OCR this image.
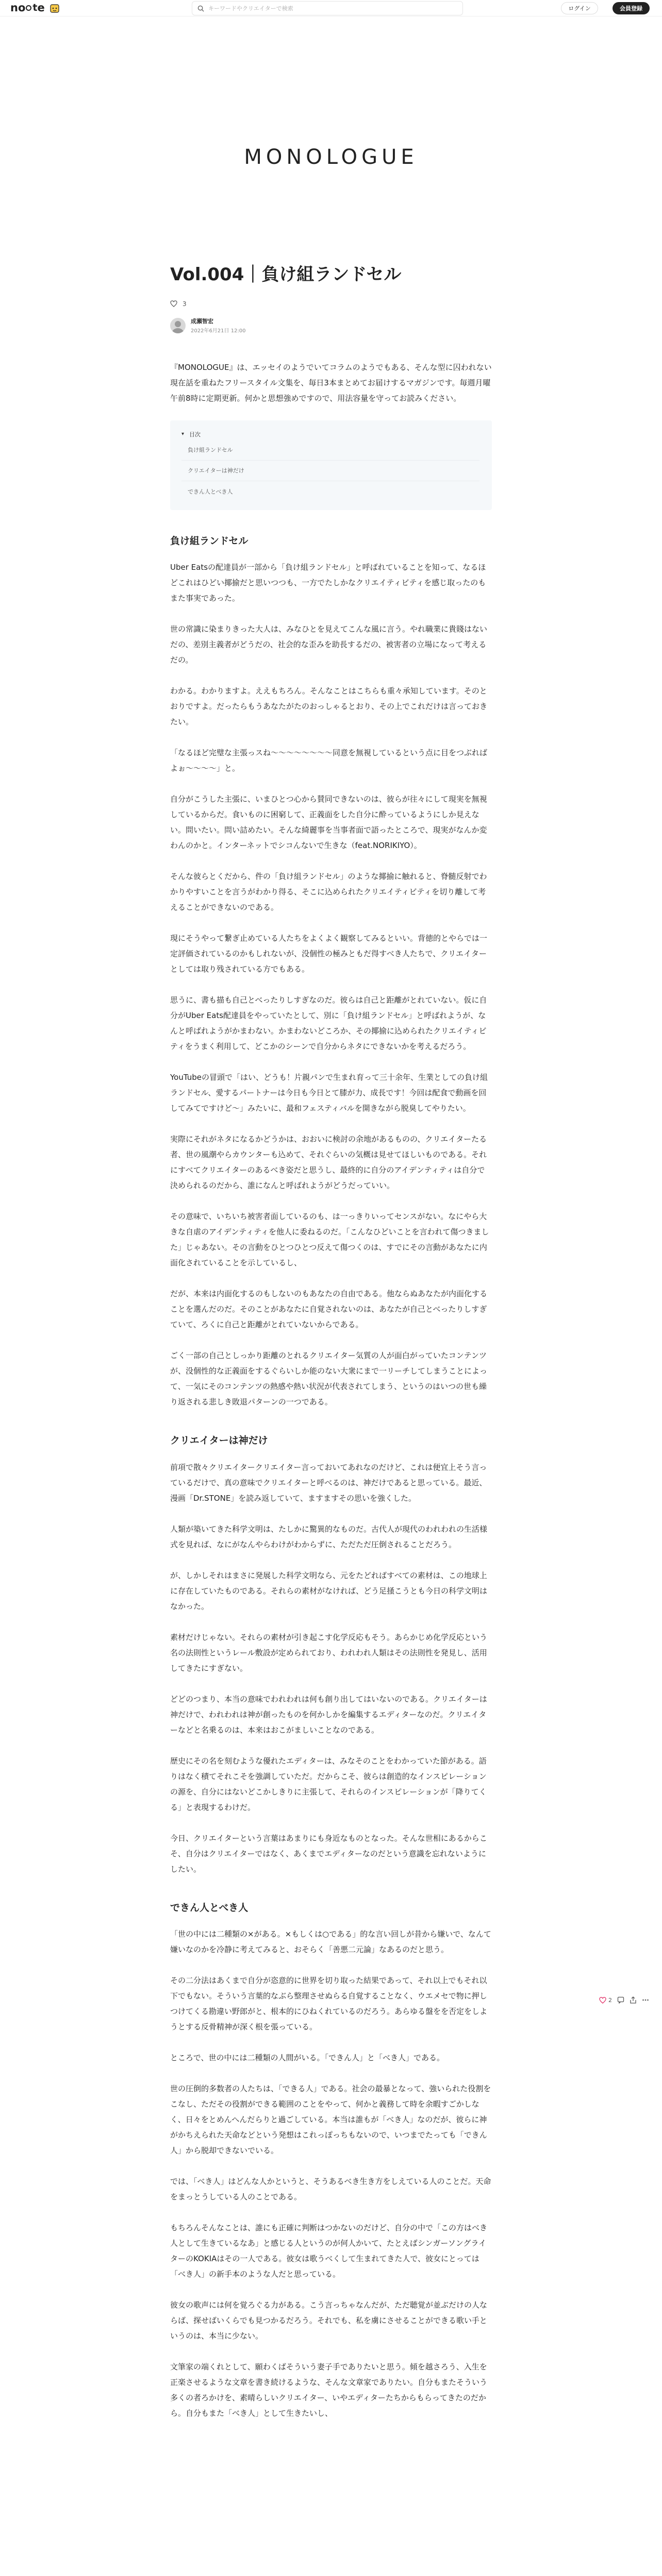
no t e
キーワードやクリエイターで検索	ログイン	会員登録
MONOLOGUE
Vol.004｜負け組ランドセル
3
成瀬智宏
2022年6月21日 12:00

『MONOLOGUE』は、エッセイのようでいてコラムのようでもある、そんな型に囚われない現在話を重ねたフリースタイル文集を、毎日3本まとめてお届けするマガジンです。毎週月曜午前8時に定期更新。何かと思想強めですので、用法容量を守ってお読みください。

▾ 目次
負け組ランドセル
クリエイターは神だけ
できん人とべき人
負け組ランドセル

Uber Eatsの配達員が一部から「負け組ランドセル」と呼ばれていることを知って、なるほどこれはひどい揶揄だと思いつつも、一方でたしかなクリエイティビティを感じ取ったのもまた事実であった。

世の常識に染まりきった大人は、みなひとを見えてこんな風に言う。やれ職業に貴賤はないだの、差別主義者がどうだの、社会的な歪みを助長するだの、被害者の立場になって考えるだの。

わかる。わかりますよ。ええもちろん。そんなことはこちらも重々承知しています。そのとおりですよ。だったらもうあなたがたのおっしゃるとおり、その上でこれだけは言っておきたい。

「なるほど完璧な主張っスね〜〜〜〜〜〜〜〜同意を無視しているという点に目をつぶればよぉ〜〜〜〜」と。

自分がこうした主張に、いまひとつ心から賛同できないのは、彼らが往々にして現実を無視しているからだ。食いものに困窮して、正義面をした自分に酔っているようにしか見えない。問いたい。問い詰めたい。そんな綺麗事を当事者面で語ったところで、現実がなんか変わんのかと。インターネットでシコんないで生きな（feat.NORIKIYO）。

そんな彼らとくだから、件の「負け組ランドセル」のような揶揄に触れると、脊髄反射でわかりやすいことを言うがわかり得る、そこに込められたクリエイティビティを切り離して考えることができないのである。

現にそうやって繋ぎ止めている人たちをよくよく観察してみるといい。背徳的とやらでは一定評価されているのかもしれないが、没個性の極みともだ得すべき人たちで、クリエイターとしては取り残されている方でもある。

思うに、書も描も自己とべったりしすぎなのだ。彼らは自己と距離がとれていない。仮に自分がUber Eats配達員をやっていたとして、別に「負け組ランドセル」と呼ばれようが、なんと呼ばれようがかまわない。かまわないどころか、その揶揄に込められたクリエイティビティをうまく利用して、どこかのシーンで自分からネタにできないかを考えるだろう。

YouTubeの冒頭で「はい、どうも！片親パンで生まれ育って三十余年、生業としての負け組ランドセル、愛するパートナーは今日も今日とて膝が力、成長です！今回は配食で動画を回してみてですけど〜」みたいに、最和フェスティバルを開きながら脱臭してやりたい。

実際にそれがネタになるかどうかは、おおいに検討の余地があるものの、クリエイターたる者、世の風潮やらカウンターも込めて、それぐらいの気概は見せてほしいものである。それにすべてクリエイターのあるべき姿だと思うし、最終的に自分のアイデンティティは自分で決められるのだから、誰になんと呼ばれようがどうだっていい。

その意味で、いちいち被害者面しているのも、は一っきりいってセンスがない。なにやら大きな自虐のアイデンティティを他人に委ねるのだ。「こんなひどいことを言われて傷つきました」じゃあない。その言動をひとつひとつ反えて傷つくのは、すでにその言動があなたに内面化されていることを示しているし、

だが、本来は内面化するのもしないのもあなたの自由である。他ならぬあなたが内面化することを選んだのだ。そのことがあなたに自覚されないのは、あなたが自己とべったりしすぎていて、ろくに自己と距離がとれていないからである。

ごく一部の自己としっかり距離のとれるクリエイター気質の人が面白がっていたコンテンツが、没個性的な正義面をするぐらいしか能のない大衆にまで一リーチしてしまうことによって、一気にそのコンテンツの熱感や熱い状況が代表されてしまう、というのはいつの世も繰り返される悲しき敗退パターンの一つである。

クリエイターは神だけ

前項で散々クリエイタークリエイター言っておいてあれなのだけど、これは便宜上そう言っているだけで、真の意味でクリエイターと呼べるのは、神だけであると思っている。最近、漫画「Dr.STONE」を読み返していて、ますますその思いを強くした。

人類が築いてきた科学文明は、たしかに驚異的なものだ。古代人が現代のわれわれの生活様式を見れば、なにがなんやらわけがわからずに、ただただ圧倒されることだろう。

が、しかしそれはまさに発展した科学文明なら、元をたどればすべての素材は、この地球上に存在していたものである。それらの素材がなければ、どう足掻こうとも今日の科学文明はなかった。

素材だけじゃない。それらの素材が引き起こす化学反応もそう。あらかじめ化学反応という名の法則性というレール敷設が定められており、われわれ人類はその法則性を発見し、活用してきたにすぎない。

どどのつまり、本当の意味でわれわれは何も創り出してはいないのである。クリエイターは神だけで、われわれは神が創ったものを何かしかを編集するエディターなのだ。クリエイターなどと名乗るのは、本来はおこがましいことなのである。

歴史にその名を刻むような優れたエディターは、みなそのことをわかっていた節がある。語りはなく積てそれこそを強調していただ。だからこそ、彼らは創造的なインスピレーションの源を、自分にはないどこかしきりに主張して、それらのインスピレーションが「降りてくる」と表現するわけだ。

今日、クリエイターという言葉はあまりにも身近なものとなった。そんな世相にあるからこそ、自分はクリエイターではなく、あくまでエディターなのだという意識を忘れないようにしたい。

できん人とべき人

「世の中には二種類の×がある。×もしくは○である」的な言い回しが昔から嫌いで、なんて嫌いなのかを冷静に考えてみると、おそらく「善悪二元論」なあるのだと思う。

その二分法はあくまで自分が恣意的に世界を切り取った結果であって、それ以上でもそれ以下でもない。そういう言葉的なぶら整理させぬらる自覚することなく、ウエメセで物に押しつけてくる勘違い野郎がと、根本的にひねくれているのだろう。あらゆる盤をを否定をしようとする反骨精神が深く根を張っている。

ところで、世の中には二種類の人間がいる。「できん人」と「べき人」である。

世の圧倒的多数者の人たちは、「できる人」である。社会の最暴となって、強いられた役割をこなし、ただその役割ができる範囲のことをやって、何かと義務して時を余暇すごかしなく、日々をとめんへんだらりと過ごしている。本当は誰もが「べき人」なのだが、彼らに神がかちえられた天命などという発想はこれっぽっちもないので、いつまでたっても「できん人」から脱却できないでいる。

では、「べき人」はどんな人かというと、そうあるべき生き方をしえている人のことだ。天命をまっとうしている人のことである。

もちろんそんなことは、誰にも正確に判断はつかないのだけど、自分の中で「この方はべき人として生きているなあ」と感じる人というのが何人かいて、たとえばシンガーソングライターのKOKIAはその一人である。彼女は歌うべくして生まれてきた人で、彼女にとっては「べき人」の新手本のような人だと思っている。

彼女の歌声には何を覚ろぐる力がある。こう言っちゃなんだが、ただ聴覚が並ぶだけの人ならば、探せばいくらでも見つかるだろう。それでも、私を虜にさせることができる歌い手というのは、本当に少ない。

文筆家の端くれとして、願わくばそういう妻子手でありたいと思う。傾を越さろう、入生を正楽させるような文章を書き続けるような、そんな文章家でありたい。自分もまたそういう多くの者ろかけを、素晴らしいクリエイター、いやエディターたちからもらってきたのだから。自分もまた「べき人」として生きたいし、

2
